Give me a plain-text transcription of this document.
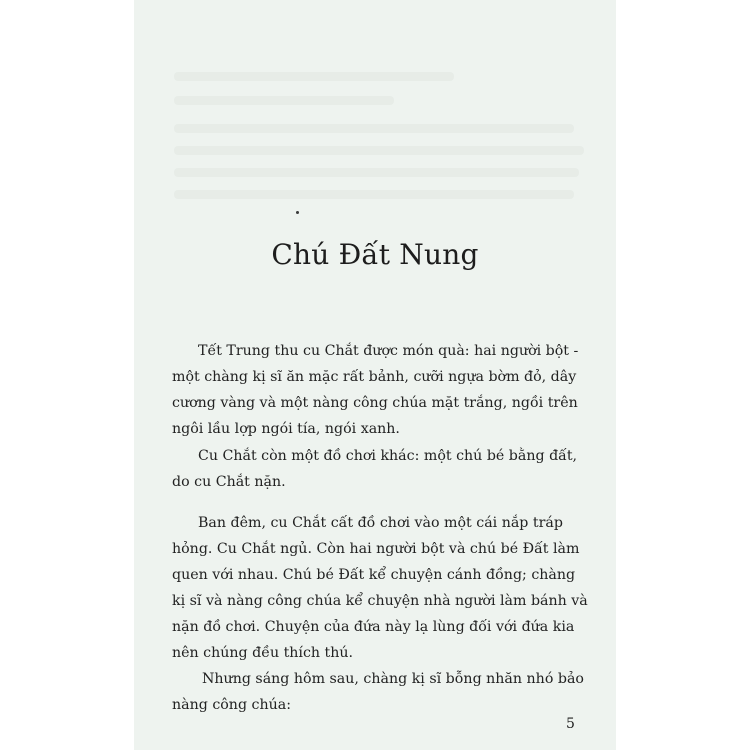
Chú Đất Nung

Tết Trung thu cu Chắt được món quà: hai người bột -
một chàng kị sĩ ăn mặc rất bảnh, cưỡi ngựa bờm đỏ, dây
cương vàng và một nàng công chúa mặt trắng, ngồi trên
ngôi lầu lợp ngói tía, ngói xanh.

Cu Chắt còn một đồ chơi khác: một chú bé bằng đất,
do cu Chắt nặn.

Ban đêm, cu Chắt cất đồ chơi vào một cái nắp tráp
hỏng. Cu Chắt ngủ. Còn hai người bột và chú bé Đất làm
quen với nhau. Chú bé Đất kể chuyện cánh đồng; chàng
kị sĩ và nàng công chúa kể chuyện nhà người làm bánh và
nặn đồ chơi. Chuyện của đứa này lạ lùng đối với đứa kia
nên chúng đều thích thú.

Nhưng sáng hôm sau, chàng kị sĩ bỗng nhăn nhó bảo
nàng công chúa:

5
